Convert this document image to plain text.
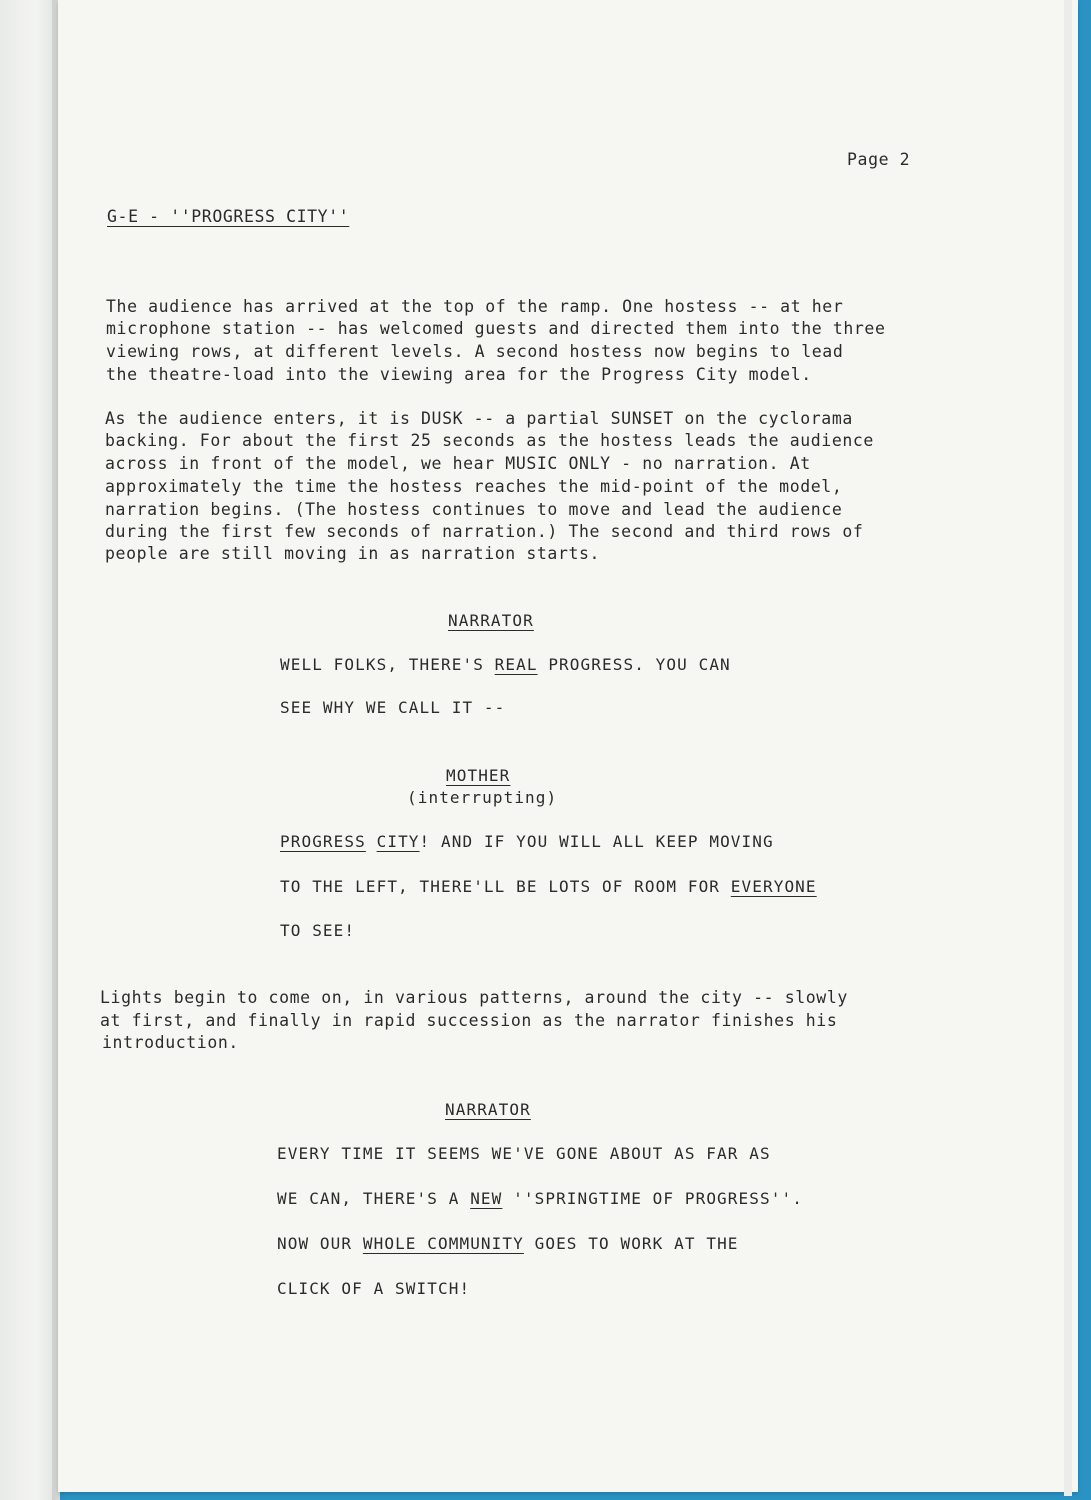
Page 2
G-E - ''PROGRESS CITY''
The audience has arrived at the top of the ramp. One hostess -- at her
microphone station -- has welcomed guests and directed them into the three
viewing rows, at different levels. A second hostess now begins to lead
the theatre-load into the viewing area for the Progress City model.
As the audience enters, it is DUSK -- a partial SUNSET on the cyclorama
backing. For about the first 25 seconds as the hostess leads the audience
across in front of the model, we hear MUSIC ONLY - no narration. At
approximately the time the hostess reaches the mid-point of the model,
narration begins. (The hostess continues to move and lead the audience
during the first few seconds of narration.) The second and third rows of
people are still moving in as narration starts.
NARRATOR
WELL FOLKS, THERE'S REAL PROGRESS. YOU CAN
SEE WHY WE CALL IT --
MOTHER
(interrupting)
PROGRESS CITY! AND IF YOU WILL ALL KEEP MOVING
TO THE LEFT, THERE'LL BE LOTS OF ROOM FOR EVERYONE
TO SEE!
Lights begin to come on, in various patterns, around the city -- slowly
at first, and finally in rapid succession as the narrator finishes his
introduction.
NARRATOR
EVERY TIME IT SEEMS WE'VE GONE ABOUT AS FAR AS
WE CAN, THERE'S A NEW ''SPRINGTIME OF PROGRESS''.
NOW OUR WHOLE COMMUNITY GOES TO WORK AT THE
CLICK OF A SWITCH!
